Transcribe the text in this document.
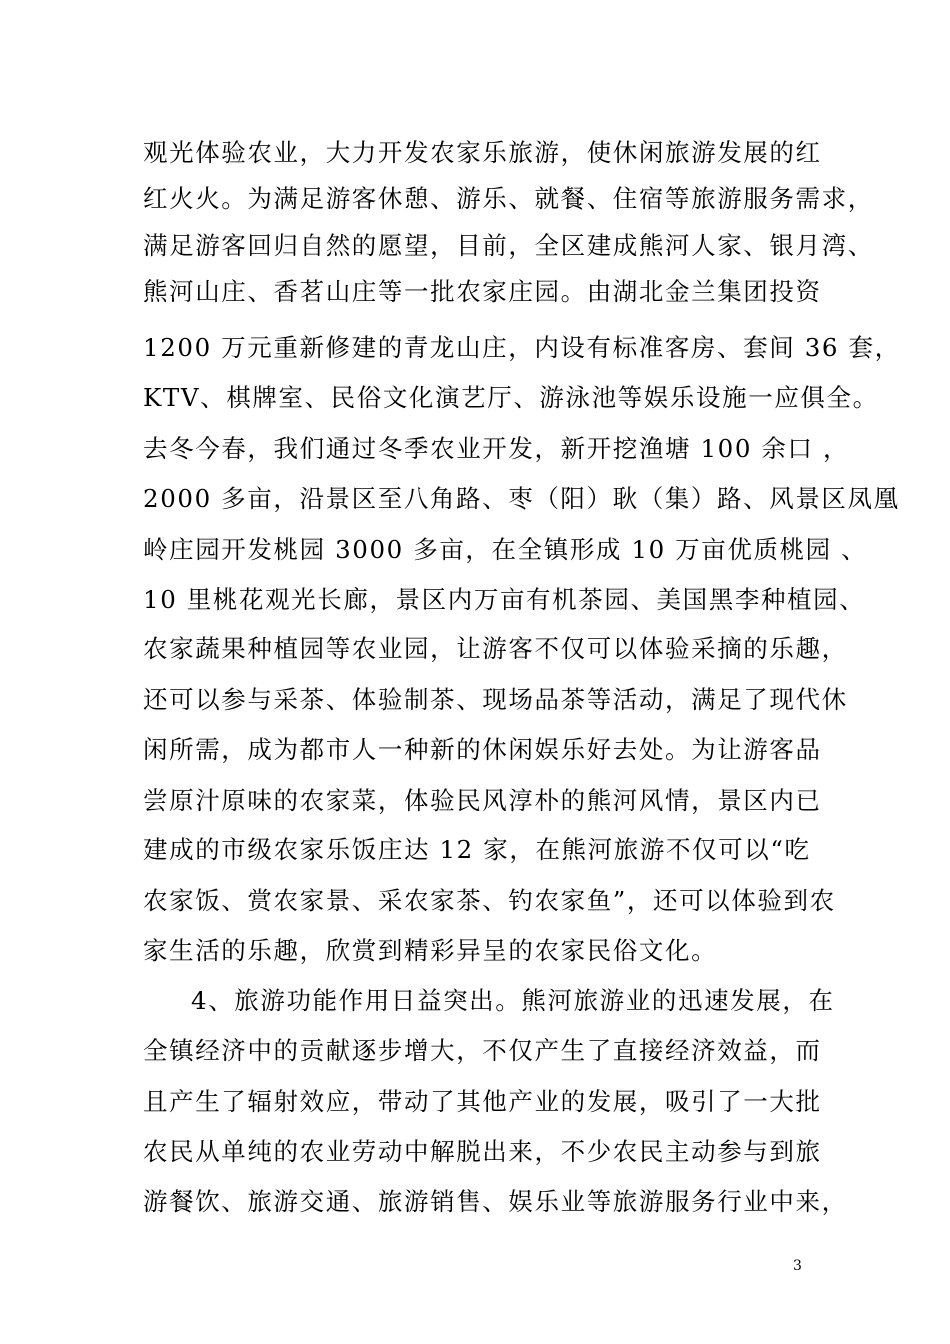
观光体验农业，大力开发农家乐旅游，使休闲旅游发展的红
红火火。为满足游客休憩、游乐、就餐、住宿等旅游服务需求，
满足游客回归自然的愿望，目前，全区建成熊河人家、银月湾、
熊河山庄、香茗山庄等一批农家庄园。由湖北金兰集团投资
1200 万元重新修建的青龙山庄，内设有标准客房、套间 36 套，
KTV、棋牌室、民俗文化演艺厅、游泳池等娱乐设施一应俱全。
去冬今春，我们通过冬季农业开发，新开挖渔塘 100 余口 ，
2000 多亩，沿景区至八角路、枣（阳）耿（集）路、风景区凤凰
岭庄园开发桃园 3000 多亩，在全镇形成 10 万亩优质桃园 、
10 里桃花观光长廊，景区内万亩有机茶园、美国黑李种植园、
农家蔬果种植园等农业园，让游客不仅可以体验采摘的乐趣，
还可以参与采茶、体验制茶、现场品茶等活动，满足了现代休
闲所需，成为都市人一种新的休闲娱乐好去处。为让游客品
尝原汁原味的农家菜，体验民风淳朴的熊河风情，景区内已
建成的市级农家乐饭庄达 12 家，在熊河旅游不仅可以“吃
农家饭、赏农家景、采农家茶、钓农家鱼”，还可以体验到农
家生活的乐趣，欣赏到精彩异呈的农家民俗文化。
4、旅游功能作用日益突出。熊河旅游业的迅速发展，在
全镇经济中的贡献逐步增大，不仅产生了直接经济效益，而
且产生了辐射效应，带动了其他产业的发展，吸引了一大批
农民从单纯的农业劳动中解脱出来，不少农民主动参与到旅
游餐饮、旅游交通、旅游销售、娱乐业等旅游服务行业中来，
3
